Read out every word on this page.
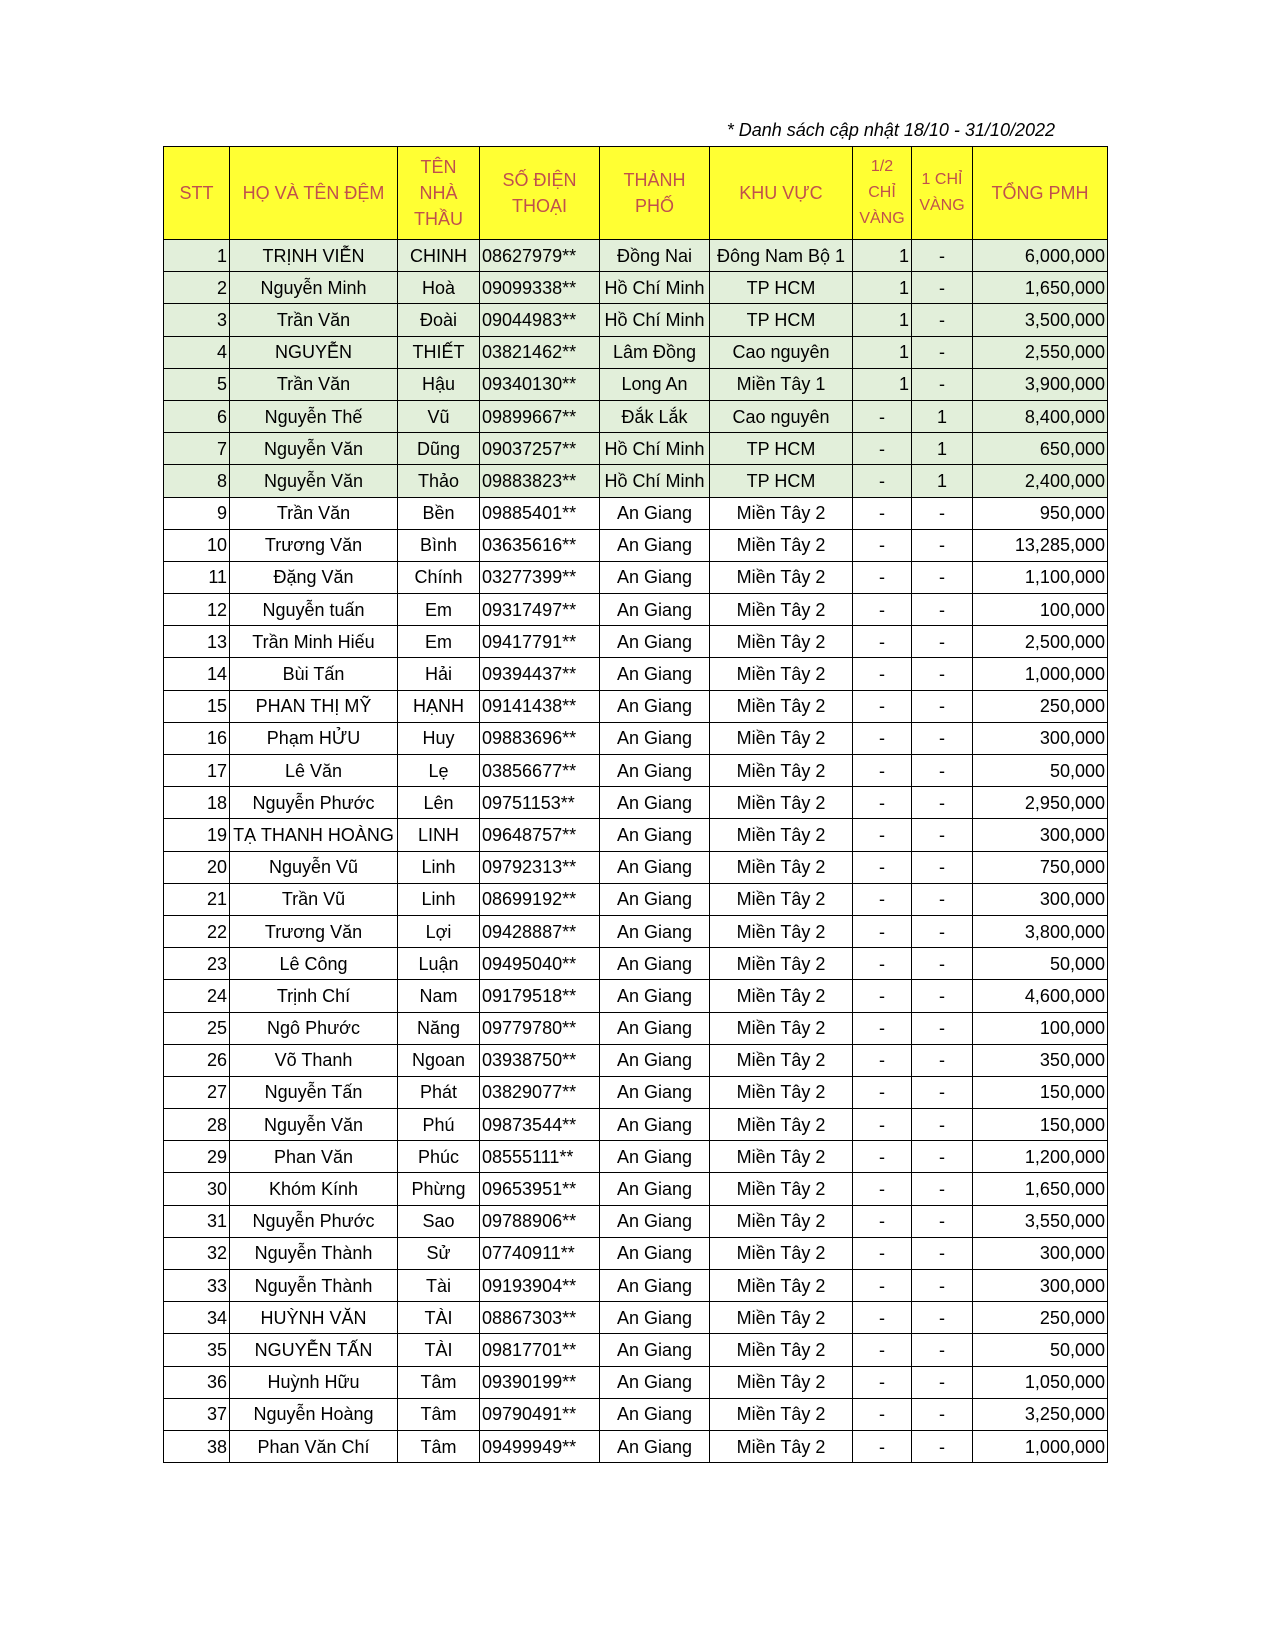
* Danh sách cập nhật 18/10 - 31/10/2022
STT	HỌ VÀ TÊN ĐỆM	TÊN NHÀ THẦU	SỐ ĐIỆN THOẠI	THÀNH PHỐ	KHU VỰC	1/2 CHỈ VÀNG	1 CHỈ VÀNG	TỔNG PMH
1	TRỊNH VIỄN	CHINH	08627979**	Đồng Nai	Đông Nam Bộ 1	1	-	6,000,000
2	Nguyễn Minh	Hoà	09099338**	Hồ Chí Minh	TP HCM	1	-	1,650,000
3	Trần Văn	Đoài	09044983**	Hồ Chí Minh	TP HCM	1	-	3,500,000
4	NGUYỄN	THIẾT	03821462**	Lâm Đồng	Cao nguyên	1	-	2,550,000
5	Trần Văn	Hậu	09340130**	Long An	Miền Tây 1	1	-	3,900,000
6	Nguyễn Thế	Vũ	09899667**	Đắk Lắk	Cao nguyên	-	1	8,400,000
7	Nguyễn Văn	Dũng	09037257**	Hồ Chí Minh	TP HCM	-	1	650,000
8	Nguyễn Văn	Thảo	09883823**	Hồ Chí Minh	TP HCM	-	1	2,400,000
9	Trần Văn	Bền	09885401**	An Giang	Miền Tây 2	-	-	950,000
10	Trương Văn	Bình	03635616**	An Giang	Miền Tây 2	-	-	13,285,000
11	Đặng Văn	Chính	03277399**	An Giang	Miền Tây 2	-	-	1,100,000
12	Nguyễn tuấn	Em	09317497**	An Giang	Miền Tây 2	-	-	100,000
13	Trần Minh Hiếu	Em	09417791**	An Giang	Miền Tây 2	-	-	2,500,000
14	Bùi Tấn	Hải	09394437**	An Giang	Miền Tây 2	-	-	1,000,000
15	PHAN THỊ MỸ	HẠNH	09141438**	An Giang	Miền Tây 2	-	-	250,000
16	Phạm HỬU	Huy	09883696**	An Giang	Miền Tây 2	-	-	300,000
17	Lê Văn	Lẹ	03856677**	An Giang	Miền Tây 2	-	-	50,000
18	Nguyễn Phước	Lên	09751153**	An Giang	Miền Tây 2	-	-	2,950,000
19	TẠ THANH HOÀNG	LINH	09648757**	An Giang	Miền Tây 2	-	-	300,000
20	Nguyễn Vũ	Linh	09792313**	An Giang	Miền Tây 2	-	-	750,000
21	Trần Vũ	Linh	08699192**	An Giang	Miền Tây 2	-	-	300,000
22	Trương Văn	Lợi	09428887**	An Giang	Miền Tây 2	-	-	3,800,000
23	Lê Công	Luận	09495040**	An Giang	Miền Tây 2	-	-	50,000
24	Trịnh Chí	Nam	09179518**	An Giang	Miền Tây 2	-	-	4,600,000
25	Ngô Phước	Năng	09779780**	An Giang	Miền Tây 2	-	-	100,000
26	Võ Thanh	Ngoan	03938750**	An Giang	Miền Tây 2	-	-	350,000
27	Nguyễn Tấn	Phát	03829077**	An Giang	Miền Tây 2	-	-	150,000
28	Nguyễn Văn	Phú	09873544**	An Giang	Miền Tây 2	-	-	150,000
29	Phan Văn	Phúc	08555111**	An Giang	Miền Tây 2	-	-	1,200,000
30	Khóm Kính	Phừng	09653951**	An Giang	Miền Tây 2	-	-	1,650,000
31	Nguyễn Phước	Sao	09788906**	An Giang	Miền Tây 2	-	-	3,550,000
32	Nguyễn Thành	Sử	07740911**	An Giang	Miền Tây 2	-	-	300,000
33	Nguyễn Thành	Tài	09193904**	An Giang	Miền Tây 2	-	-	300,000
34	HUỲNH VĂN	TÀI	08867303**	An Giang	Miền Tây 2	-	-	250,000
35	NGUYỄN TẤN	TÀI	09817701**	An Giang	Miền Tây 2	-	-	50,000
36	Huỳnh Hữu	Tâm	09390199**	An Giang	Miền Tây 2	-	-	1,050,000
37	Nguyễn Hoàng	Tâm	09790491**	An Giang	Miền Tây 2	-	-	3,250,000
38	Phan Văn Chí	Tâm	09499949**	An Giang	Miền Tây 2	-	-	1,000,000
